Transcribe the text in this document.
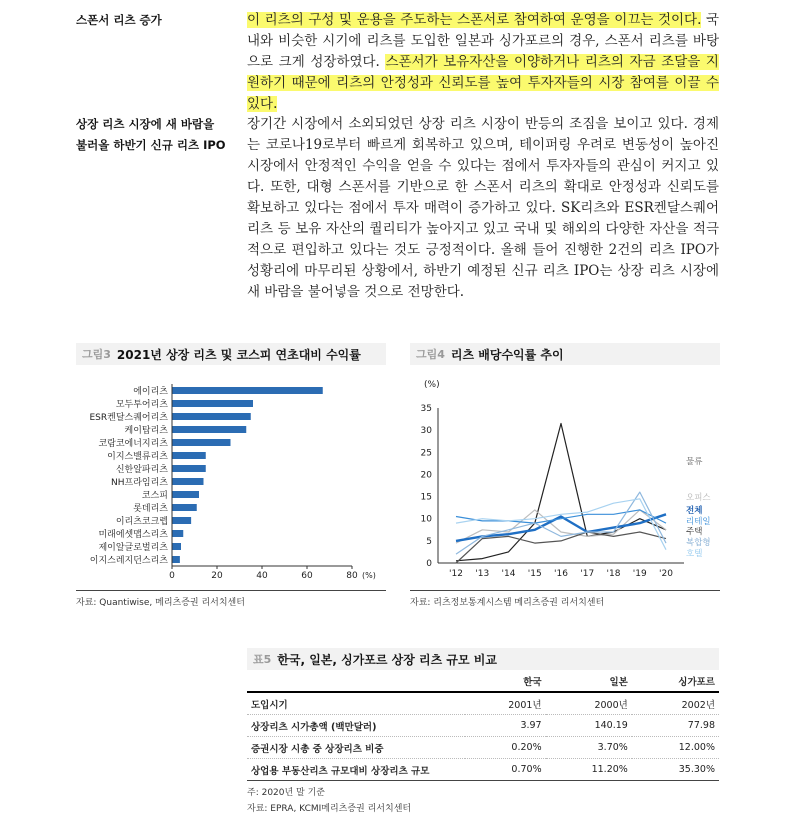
스폰서 리츠 증가	이 리츠의 구성 및 운용을 주도하는 스폰서로 참여하여 운영을 이끄는 것이다. 국내와 비슷한 시기에 리츠를 도입한 일본과 싱가포르의 경우, 스폰서 리츠를 바탕으로 크게 성장하였다. 스폰서가 보유자산을 이양하거나 리츠의 자금 조달을 지원하기 때문에 리츠의 안정성과 신뢰도를 높여 투자자들의 시장 참여를 이끌 수 있다.

상장 리츠 시장에 새 바람을
불러올 하반기 신규 리츠 IPO

장기간 시장에서 소외되었던 상장 리츠 시장이 반등의 조짐을 보이고 있다. 경제는 코로나19로부터 빠르게 회복하고 있으며, 테이퍼링 우려로 변동성이 높아진 시장에서 안정적인 수익을 얻을 수 있다는 점에서 투자자들의 관심이 커지고 있다. 또한, 대형 스폰서를 기반으로 한 스폰서 리츠의 확대로 안정성과 신뢰도를 확보하고 있다는 점에서 투자 매력이 증가하고 있다. SK리츠와 ESR켄달스퀘어리츠 등 보유 자산의 퀄리티가 높아지고 있고 국내 및 해외의 다양한 자산을 적극적으로 편입하고 있다는 것도 긍정적이다. 올해 들어 진행한 2건의 리츠 IPO가 성황리에 마무리된 상황에서, 하반기 예정된 신규 리츠 IPO는 상장 리츠 시장에 새 바람을 불어넣을 것으로 전망한다.

그림3 2021년 상장 리츠 및 코스피 연초대비 수익률
에이리츠
모두투어리츠
ESR켄달스퀘어리츠
케이탑리츠
코람코에너지리츠
이지스밸류리츠
신한알파리츠
NH프라임리츠
코스피
롯데리츠
이리츠코크렙
미래에셋맵스리츠
제이알글로벌리츠
이지스레지던스리츠
0	20	40	60	80 (%)
자료: Quantiwise, 메리츠증권 리서치센터
그림4 리츠 배당수익률 추이
(%)
0
5
10
15
20
25
30
35
'12 '13 '14 '15 '16 '17 '18 '19 '20
물류
오피스
전체
리테일
주택
복합형
호텔
자료: 리츠정보통계시스템 메리츠증권 리서치센터
표5 한국, 일본, 싱가포르 상장 리츠 규모 비교
	한국	일본	싱가포르
도입시기	2001년	2000년	2002년
상장리츠 시가총액 (백만달러)	3.97	140.19	77.98
증권시장 시총 중 상장리츠 비중	0.20%	3.70%	12.00%
상업용 부동산리츠 규모대비 상장리츠 규모	0.70%	11.20%	35.30%
주: 2020년 말 기준
자료: EPRA, KCMI메리츠증권 리서치센터
